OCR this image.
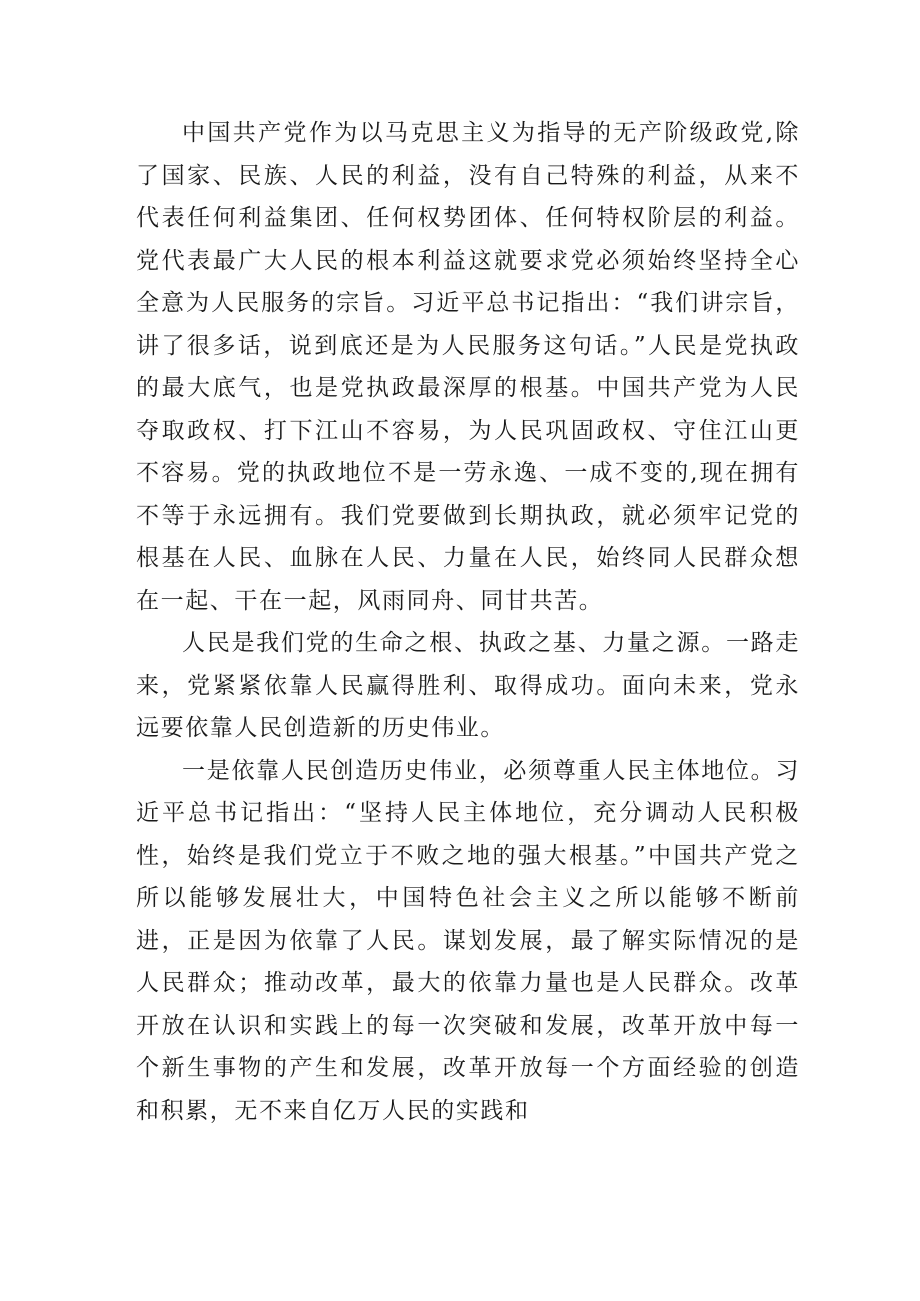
中国共产党作为以马克思主义为指导的无产阶级政党,除了国家、民族、人民的利益，没有自己特殊的利益，从来不代表任何利益集团、任何权势团体、任何特权阶层的利益。党代表最广大人民的根本利益这就要求党必须始终坚持全心全意为人民服务的宗旨。习近平总书记指出：“我们讲宗旨，讲了很多话，说到底还是为人民服务这句话。”人民是党执政的最大底气，也是党执政最深厚的根基。中国共产党为人民夺取政权、打下江山不容易，为人民巩固政权、守住江山更不容易。党的执政地位不是一劳永逸、一成不变的,现在拥有不等于永远拥有。我们党要做到长期执政，就必须牢记党的根基在人民、血脉在人民、力量在人民，始终同人民群众想在一起、干在一起，风雨同舟、同甘共苦。

人民是我们党的生命之根、执政之基、力量之源。一路走来，党紧紧依靠人民赢得胜利、取得成功。面向未来，党永远要依靠人民创造新的历史伟业。

一是依靠人民创造历史伟业，必须尊重人民主体地位。习近平总书记指出：“坚持人民主体地位，充分调动人民积极性，始终是我们党立于不败之地的强大根基。”中国共产党之所以能够发展壮大，中国特色社会主义之所以能够不断前进，正是因为依靠了人民。谋划发展，最了解实际情况的是人民群众；推动改革，最大的依靠力量也是人民群众。改革开放在认识和实践上的每一次突破和发展，改革开放中每一个新生事物的产生和发展，改革开放每一个方面经验的创造和积累，无不来自亿万人民的实践和
